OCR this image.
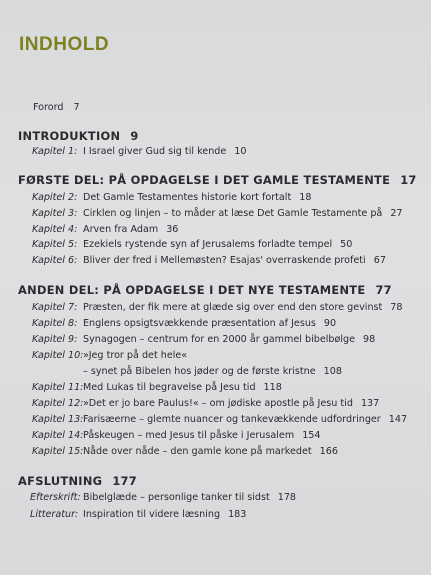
INDHOLD
Forord 7
INTRODUKTION 9
Kapitel 1: I Israel giver Gud sig til kende 10
FØRSTE DEL: PÅ OPDAGELSE I DET GAMLE TESTAMENTE 17
Kapitel 2: Det Gamle Testamentes historie kort fortalt 18
Kapitel 3: Cirklen og linjen – to måder at læse Det Gamle Testamente på 27
Kapitel 4: Arven fra Adam 36
Kapitel 5: Ezekiels rystende syn af Jerusalems forladte tempel 50
Kapitel 6: Bliver der fred i Mellemøsten? Esajas' overraskende profeti 67
ANDEN DEL: PÅ OPDAGELSE I DET NYE TESTAMENTE 77
Kapitel 7: Præsten, der fik mere at glæde sig over end den store gevinst 78
Kapitel 8: Englens opsigtsvækkende præsentation af Jesus 90
Kapitel 9: Synagogen – centrum for en 2000 år gammel bibelbølge 98
Kapitel 10: »Jeg tror på det hele«
– synet på Bibelen hos jøder og de første kristne 108
Kapitel 11: Med Lukas til begravelse på Jesu tid 118
Kapitel 12: »Det er jo bare Paulus!« – om jødiske apostle på Jesu tid 137
Kapitel 13: Farisæerne – glemte nuancer og tankevækkende udfordringer 147
Kapitel 14: Påskeugen – med Jesus til påske i Jerusalem 154
Kapitel 15: Nåde over nåde – den gamle kone på markedet 166
AFSLUTNING 177
Efterskrift: Bibelglæde – personlige tanker til sidst 178
Litteratur: Inspiration til videre læsning 183
